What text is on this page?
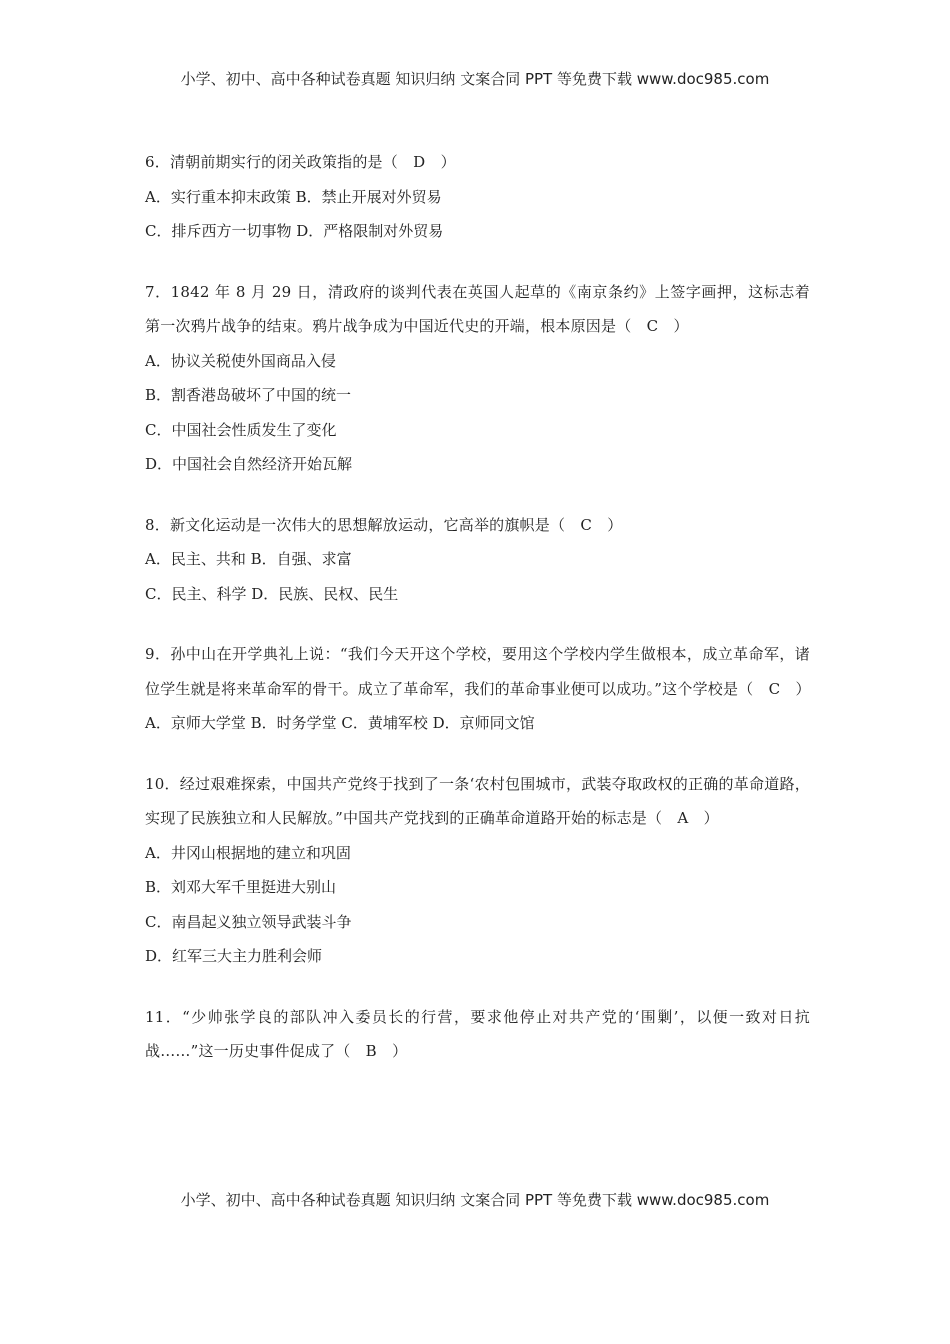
小学、初中、高中各种试卷真题 知识归纳 文案合同 PPT 等免费下载 www.doc985.com

6．清朝前期实行的闭关政策指的是（　D　）

A．实行重本抑末政策 B．禁止开展对外贸易

C．排斥西方一切事物 D．严格限制对外贸易

7．1842 年 8 月 29 日，清政府的谈判代表在英国人起草的《南京条约》上签字画押，这标志着第一次鸦片战争的结束。鸦片战争成为中国近代史的开端，根本原因是（　C　）

A．协议关税使外国商品入侵

B．割香港岛破坏了中国的统一

C．中国社会性质发生了变化

D．中国社会自然经济开始瓦解

8．新文化运动是一次伟大的思想解放运动，它高举的旗帜是（　C　）

A．民主、共和 B．自强、求富

C．民主、科学 D．民族、民权、民生

9．孙中山在开学典礼上说：“我们今天开这个学校，要用这个学校内学生做根本，成立革命军，诸位学生就是将来革命军的骨干。成立了革命军，我们的革命事业便可以成功。”这个学校是（　C　）

A．京师大学堂 B．时务学堂 C．黄埔军校 D．京师同文馆

10．经过艰难探索，中国共产党终于找到了一条‘农村包围城市，武装夺取政权的正确的革命道路，实现了民族独立和人民解放。”中国共产党找到的正确革命道路开始的标志是（　A　）

A．井冈山根据地的建立和巩固

B．刘邓大军千里挺进大别山

C．南昌起义独立领导武装斗争

D．红军三大主力胜利会师

11．“少帅张学良的部队冲入委员长的行营，要求他停止对共产党的‘围剿’，以便一致对日抗战……”这一历史事件促成了（　B　）

小学、初中、高中各种试卷真题 知识归纳 文案合同 PPT 等免费下载 www.doc985.com
